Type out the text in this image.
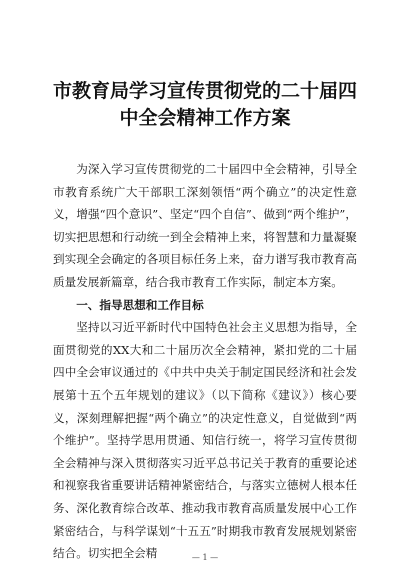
市教育局学习宣传贯彻党的二十届四中全会精神工作方案

为深入学习宣传贯彻党的二十届四中全会精神，引导全市教育系统广大干部职工深刻领悟“两个确立”的决定性意义，增强“四个意识”、坚定“四个自信”、做到“两个维护”，切实把思想和行动统一到全会精神上来，将智慧和力量凝聚到实现全会确定的各项目标任务上来，奋力谱写我市教育高质量发展新篇章，结合我市教育工作实际，制定本方案。

一、指导思想和工作目标

坚持以习近平新时代中国特色社会主义思想为指导，全面贯彻党的XX大和二十届历次全会精神，紧扣党的二十届四中全会审议通过的《中共中央关于制定国民经济和社会发展第十五个五年规划的建议》（以下简称《建议》）核心要义，深刻理解把握“两个确立”的决定性意义，自觉做到“两个维护”。坚持学思用贯通、知信行统一，将学习宣传贯彻全会精神与深入贯彻落实习近平总书记关于教育的重要论述和视察我省重要讲话精神紧密结合，与落实立德树人根本任务、深化教育综合改革、推动我市教育高质量发展中心工作紧密结合，与科学谋划“十五五”时期我市教育发展规划紧密结合。切实把全会精	— 1 —
